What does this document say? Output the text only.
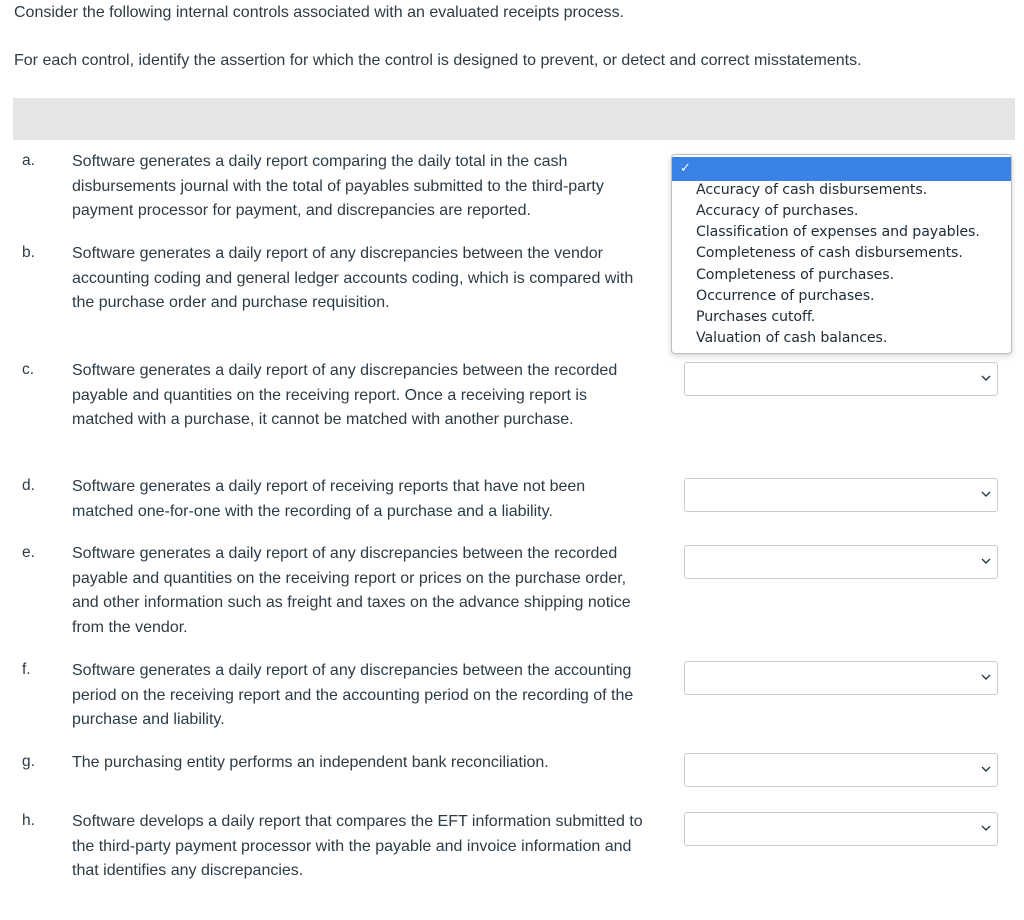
Consider the following internal controls associated with an evaluated receipts process.
For each control, identify the assertion for which the control is designed to prevent, or detect and correct misstatements.
a. Software generates a daily report comparing the daily total in the cash disbursements journal with the total of payables submitted to the third-party payment processor for payment, and discrepancies are reported.
b. Software generates a daily report of any discrepancies between the vendor accounting coding and general ledger accounts coding, which is compared with the purchase order and purchase requisition.
c. Software generates a daily report of any discrepancies between the recorded payable and quantities on the receiving report. Once a receiving report is matched with a purchase, it cannot be matched with another purchase.
d. Software generates a daily report of receiving reports that have not been matched one-for-one with the recording of a purchase and a liability.
e. Software generates a daily report of any discrepancies between the recorded payable and quantities on the receiving report or prices on the purchase order, and other information such as freight and taxes on the advance shipping notice from the vendor.
f.	Software generates a daily report of any discrepancies between the accounting period on the receiving report and the accounting period on the recording of the purchase and liability.
g. The purchasing entity performs an independent bank reconciliation.
h. Software develops a daily report that compares the EFT information submitted to the third-party payment processor with the payable and invoice information and that identifies any discrepancies.
✓
Accuracy of cash disbursements.
Accuracy of purchases.
Classification of expenses and payables.
Completeness of cash disbursements.
Completeness of purchases.
Occurrence of purchases.
Purchases cutoff.
Valuation of cash balances.
